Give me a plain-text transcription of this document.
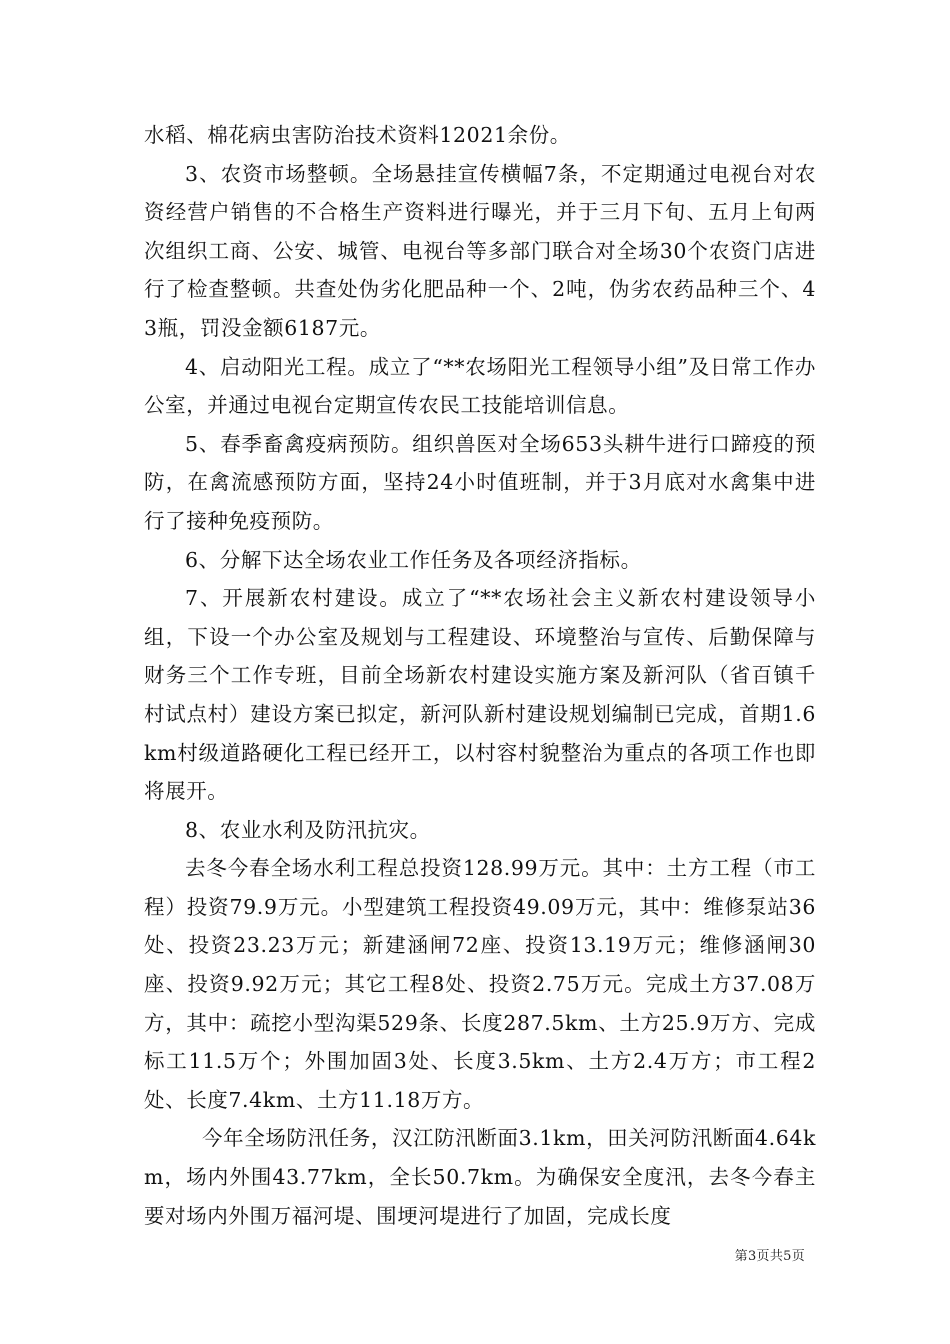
水稻、棉花病虫害防治技术资料12021余份。

3、农资市场整顿。全场悬挂宣传横幅7条，不定期通过电视台对农资经营户销售的不合格生产资料进行曝光，并于三月下旬、五月上旬两次组织工商、公安、城管、电视台等多部门联合对全场30个农资门店进行了检查整顿。共查处伪劣化肥品种一个、2吨，伪劣农药品种三个、43瓶，罚没金额6187元。

4、启动阳光工程。成立了“**农场阳光工程领导小组”及日常工作办公室，并通过电视台定期宣传农民工技能培训信息。

5、春季畜禽疫病预防。组织兽医对全场653头耕牛进行口蹄疫的预防，在禽流感预防方面，坚持24小时值班制，并于3月底对水禽集中进行了接种免疫预防。

6、分解下达全场农业工作任务及各项经济指标。

7、开展新农村建设。成立了“**农场社会主义新农村建设领导小组，下设一个办公室及规划与工程建设、环境整治与宣传、后勤保障与财务三个工作专班，目前全场新农村建设实施方案及新河队（省百镇千村试点村）建设方案已拟定，新河队新村建设规划编制已完成，首期1.6km村级道路硬化工程已经开工，以村容村貌整治为重点的各项工作也即将展开。

8、农业水利及防汛抗灾。

去冬今春全场水利工程总投资128.99万元。其中：土方工程（市工程）投资79.9万元。小型建筑工程投资49.09万元，其中：维修泵站36处、投资23.23万元；新建涵闸72座、投资13.19万元；维修涵闸30座、投资9.92万元；其它工程8处、投资2.75万元。完成土方37.08万方，其中：疏挖小型沟渠529条、长度287.5km、土方25.9万方、完成标工11.5万个；外围加固3处、长度3.5km、土方2.4万方；市工程2处、长度7.4km、土方11.18万方。

今年全场防汛任务，汉江防汛断面3.1km，田关河防汛断面4.64km，场内外围43.77km，全长50.7km。为确保安全度汛，去冬今春主要对场内外围万福河堤、围埂河堤进行了加固，完成长度

第3页共5页
